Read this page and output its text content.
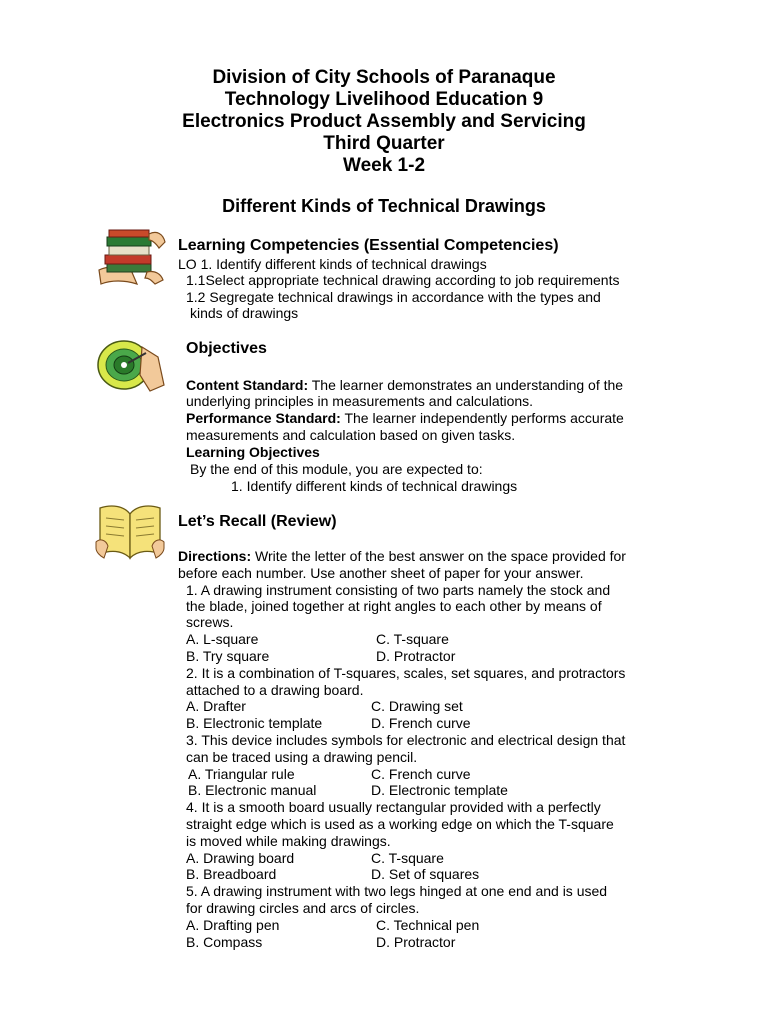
Division of City Schools of Paranaque
Technology Livelihood Education 9
Electronics Product Assembly and Servicing
Third Quarter
Week 1-2
Different Kinds of Technical Drawings
Learning Competencies (Essential Competencies)
LO 1. Identify different kinds of technical drawings
1.1Select appropriate technical drawing according to job requirements
1.2 Segregate technical drawings in accordance with the types and
kinds of drawings
Objectives
Content Standard: The learner demonstrates an understanding of the
underlying principles in measurements and calculations.
Performance Standard: The learner independently performs accurate
measurements and calculation based on given tasks.
Learning Objectives
By the end of this module, you are expected to:
1. Identify different kinds of technical drawings
Let’s Recall (Review)
Directions: Write the letter of the best answer on the space provided for
before each number. Use another sheet of paper for your answer.
1. A drawing instrument consisting of two parts namely the stock and
the blade, joined together at right angles to each other by means of
screws.
A. L-square	C. T-square
B. Try square	D. Protractor
2. It is a combination of T-squares, scales, set squares, and protractors
attached to a drawing board.
A. Drafter	C. Drawing set
B. Electronic template	D. French curve
3. This device includes symbols for electronic and electrical design that
can be traced using a drawing pencil.
A. Triangular rule	C. French curve
B. Electronic manual	D. Electronic template
4. It is a smooth board usually rectangular provided with a perfectly
straight edge which is used as a working edge on which the T-square
is moved while making drawings.
A. Drawing board	C. T-square
B. Breadboard	D. Set of squares
5. A drawing instrument with two legs hinged at one end and is used
for drawing circles and arcs of circles.
A. Drafting pen	C. Technical pen
B. Compass	D. Protractor
